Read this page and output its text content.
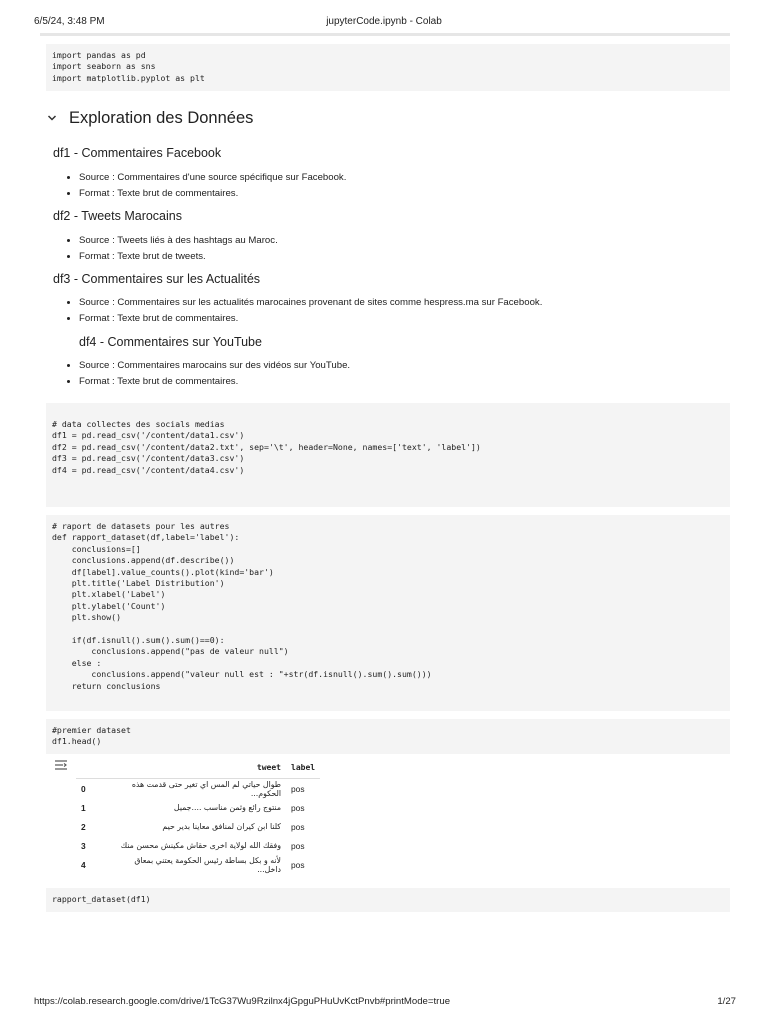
6/5/24, 3:48 PM	jupyterCode.ipynb - Colab
import pandas as pd
import seaborn as sns
import matplotlib.pyplot as plt
Exploration des Données
df1 - Commentaires Facebook
• Source : Commentaires d'une source spécifique sur Facebook.
• Format : Texte brut de commentaires.
df2 - Tweets Marocains
• Source : Tweets liés à des hashtags au Maroc.
• Format : Texte brut de tweets.
df3 - Commentaires sur les Actualités
• Source : Commentaires sur les actualités marocaines provenant de sites comme hespress.ma sur Facebook.
• Format : Texte brut de commentaires.
df4 - Commentaires sur YouTube
• Source : Commentaires marocains sur des vidéos sur YouTube.
• Format : Texte brut de commentaires.
# data collectes des socials medias
df1 = pd.read_csv('/content/data1.csv')
df2 = pd.read_csv('/content/data2.txt', sep='\t', header=None, names=['text', 'label'])
df3 = pd.read_csv('/content/data3.csv')
df4 = pd.read_csv('/content/data4.csv')
# raport de datasets pour les autres
def rapport_dataset(df,label='label'):
conclusions=[]
conclusions.append(df.describe())
df[label].value_counts().plot(kind='bar')
plt.title('Label Distribution')
plt.xlabel('Label')
plt.ylabel('Count')
plt.show()

if(df.isnull().sum().sum()==0):
conclusions.append("pas de valeur null")
else :
conclusions.append("valeur null est : "+str(df.isnull().sum().sum()))
return conclusions
#premier dataset
df1.head()
	tweet	label
0	طوال حياتي لم المس اي تغير حتى قدمت هذه الحكوم...	pos
1	منتوج رائع وثمن مناسب ....جميل	pos
2	كلنا ابن كيران لمنافق معاينا بدير حيم	pos
3	وفقك الله لولاية اخرى حقاش مكينش محسن منك	pos
4	لأنه و بكل بساطة رئيس الحكومة يعتني بمعاق داخل...	pos
rapport_dataset(df1)
https://colab.research.google.com/drive/1TcG37Wu9Rzilnx4jGpguPHuUvKctPnvb#printMode=true	1/27
